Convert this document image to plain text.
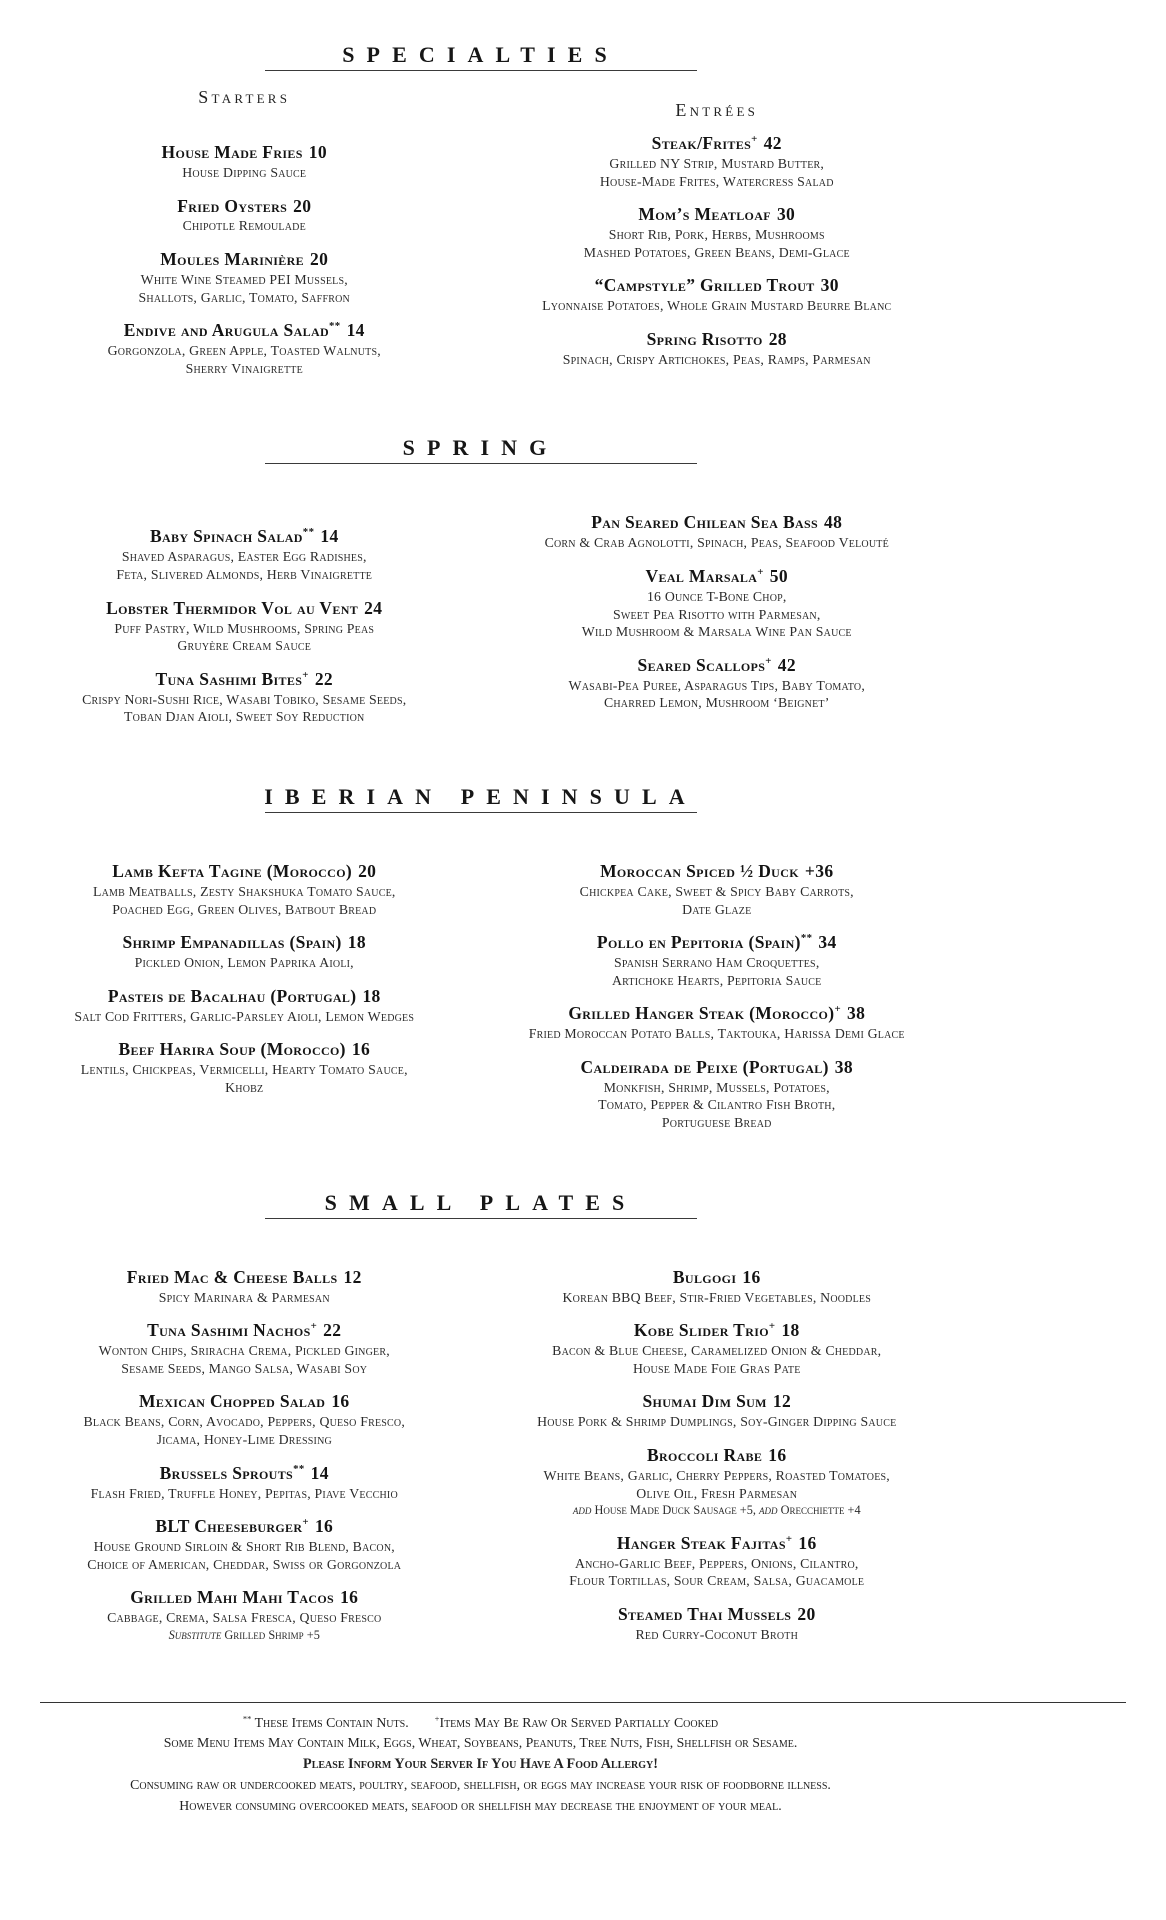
SPECIALTIES
Starters
House Made Fries 10
House Dipping Sauce
Fried Oysters 20
Chipotle Remoulade
Moules Marinière 20
White Wine Steamed PEI Mussels,
Shallots, Garlic, Tomato, Saffron
Endive and Arugula Salad** 14
Gorgonzola, Green Apple, Toasted Walnuts,
Sherry Vinaigrette
Entrées
Steak/Frites+ 42
Grilled NY Strip, Mustard Butter,
House-Made Frites, Watercress Salad
Mom’s Meatloaf 30
Short Rib, Pork, Herbs, Mushrooms
Mashed Potatoes, Green Beans, Demi-Glace
“Campstyle” Grilled Trout 30
Lyonnaise Potatoes, Whole Grain Mustard Beurre Blanc
Spring Risotto 28
Spinach, Crispy Artichokes, Peas, Ramps, Parmesan
SPRING
Baby Spinach Salad** 14
Shaved Asparagus, Easter Egg Radishes,
Feta, Slivered Almonds, Herb Vinaigrette
Lobster Thermidor Vol au Vent 24
Puff Pastry, Wild Mushrooms, Spring Peas
Gruyère Cream Sauce
Tuna Sashimi Bites+ 22
Crispy Nori-Sushi Rice, Wasabi Tobiko, Sesame Seeds,
Toban Djan Aioli, Sweet Soy Reduction
Pan Seared Chilean Sea Bass 48
Corn & Crab Agnolotti, Spinach, Peas, Seafood Velouté
Veal Marsala+ 50
16 Ounce T-Bone Chop,
Sweet Pea Risotto with Parmesan,
Wild Mushroom & Marsala Wine Pan Sauce
Seared Scallops+ 42
Wasabi-Pea Puree, Asparagus Tips, Baby Tomato,
Charred Lemon, Mushroom ‘Beignet’
IBERIAN PENINSULA
Lamb Kefta Tagine (Morocco) 20
Lamb Meatballs, Zesty Shakshuka Tomato Sauce,
Poached Egg, Green Olives, Batbout Bread
Shrimp Empanadillas (Spain) 18
Pickled Onion, Lemon Paprika Aioli,
Pasteis de Bacalhau (Portugal) 18
Salt Cod Fritters, Garlic-Parsley Aioli, Lemon Wedges
Beef Harira Soup (Morocco) 16
Lentils, Chickpeas, Vermicelli, Hearty Tomato Sauce,
Khobz
Moroccan Spiced ½ Duck +36
Chickpea Cake, Sweet & Spicy Baby Carrots,
Date Glaze
Pollo en Pepitoria (Spain)** 34
Spanish Serrano Ham Croquettes,
Artichoke Hearts, Pepitoria Sauce
Grilled Hanger Steak (Morocco)+ 38
Fried Moroccan Potato Balls, Taktouka, Harissa Demi Glace
Caldeirada de Peixe (Portugal) 38
Monkfish, Shrimp, Mussels, Potatoes,
Tomato, Pepper & Cilantro Fish Broth,
Portuguese Bread
SMALL PLATES
Fried Mac & Cheese Balls 12
Spicy Marinara & Parmesan
Tuna Sashimi Nachos+ 22
Wonton Chips, Sriracha Crema, Pickled Ginger,
Sesame Seeds, Mango Salsa, Wasabi Soy
Mexican Chopped Salad 16
Black Beans, Corn, Avocado, Peppers, Queso Fresco,
Jicama, Honey-Lime Dressing
Brussels Sprouts** 14
Flash Fried, Truffle Honey, Pepitas, Piave Vecchio
BLT Cheeseburger+ 16
House Ground Sirloin & Short Rib Blend, Bacon,
Choice of American, Cheddar, Swiss or Gorgonzola
Grilled Mahi Mahi Tacos 16
Cabbage, Crema, Salsa Fresca, Queso Fresco
Substitute Grilled Shrimp +5
Bulgogi 16
Korean BBQ Beef, Stir-Fried Vegetables, Noodles
Kobe Slider Trio+ 18
Bacon & Blue Cheese, Caramelized Onion & Cheddar,
House Made Foie Gras Pate
Shumai Dim Sum 12
House Pork & Shrimp Dumplings, Soy-Ginger Dipping Sauce
Broccoli Rabe 16
White Beans, Garlic, Cherry Peppers, Roasted Tomatoes,
Olive Oil, Fresh Parmesan
add House Made Duck Sausage +5, add Orecchiette +4
Hanger Steak Fajitas+ 16
Ancho-Garlic Beef, Peppers, Onions, Cilantro,
Flour Tortillas, Sour Cream, Salsa, Guacamole
Steamed Thai Mussels 20
Red Curry-Coconut Broth
** These Items Contain Nuts.	+Items May Be Raw Or Served Partially Cooked
Some Menu Items May Contain Milk, Eggs, Wheat, Soybeans, Peanuts, Tree Nuts, Fish, Shellfish or Sesame.
Please Inform Your Server If You Have A Food Allergy!
Consuming raw or undercooked meats, poultry, seafood, shellfish, or eggs may increase your risk of foodborne illness.
However consuming overcooked meats, seafood or shellfish may decrease the enjoyment of your meal.
